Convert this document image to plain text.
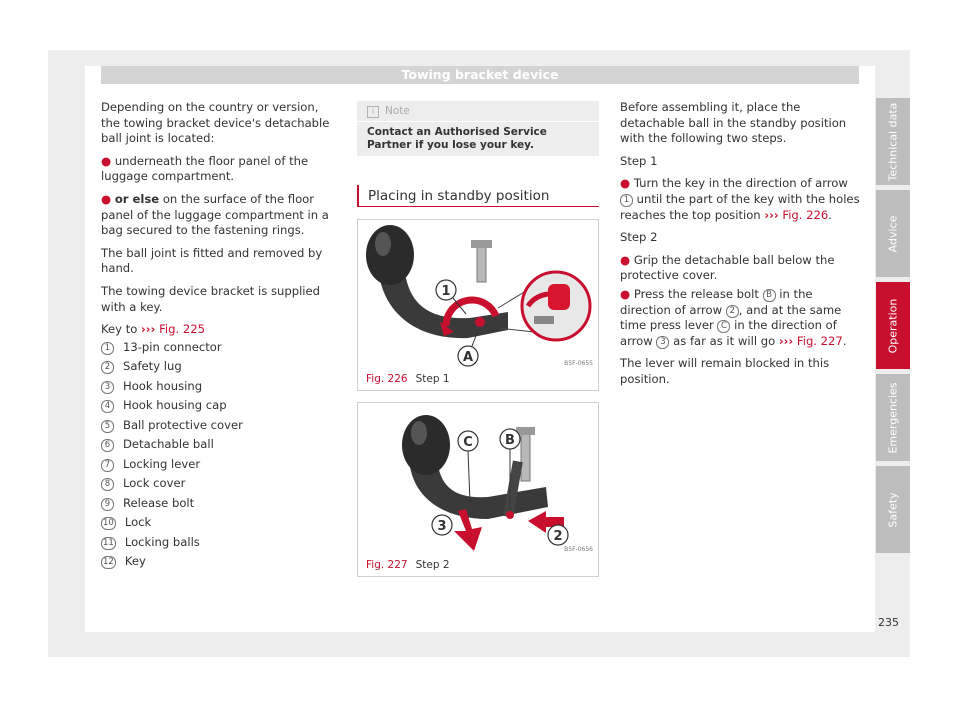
Towing bracket device

Depending on the country or version, the towing bracket device's detachable ball joint is located:

● underneath the floor panel of the luggage compartment.

● or else on the surface of the floor panel of the luggage compartment in a bag secured to the fastening rings.

The ball joint is fitted and removed by hand.

The towing device bracket is supplied with a key.

Key to ››› Fig. 225
1 13-pin connector
2 Safety lug
3 Hook housing
4 Hook housing cap
5 Ball protective cover
6 Detachable ball
7 Locking lever
8 Lock cover
9 Release bolt
10 Lock
11 Locking balls
12 Key
i Note
Contact an Authorised Service Partner if you lose your key.
Placing in standby position
1
A	B5F-0655
Fig. 226 Step 1
C B
3
2
B5F-0656
Fig. 227 Step 2

Before assembling it, place the detachable ball in the standby position with the following two steps.

Step 1

● Turn the key in the direction of arrow 1 until the part of the key with the holes reaches the top position ››› Fig. 226.

Step 2

● Grip the detachable ball below the protective cover.

● Press the release bolt B in the direction of arrow 2 , and at the same time press lever C in the direction of arrow 3 as far as it will go ››› Fig. 227.

The lever will remain blocked in this position.

Technical data
Advice
Operation
Emergencies
Safety
235
